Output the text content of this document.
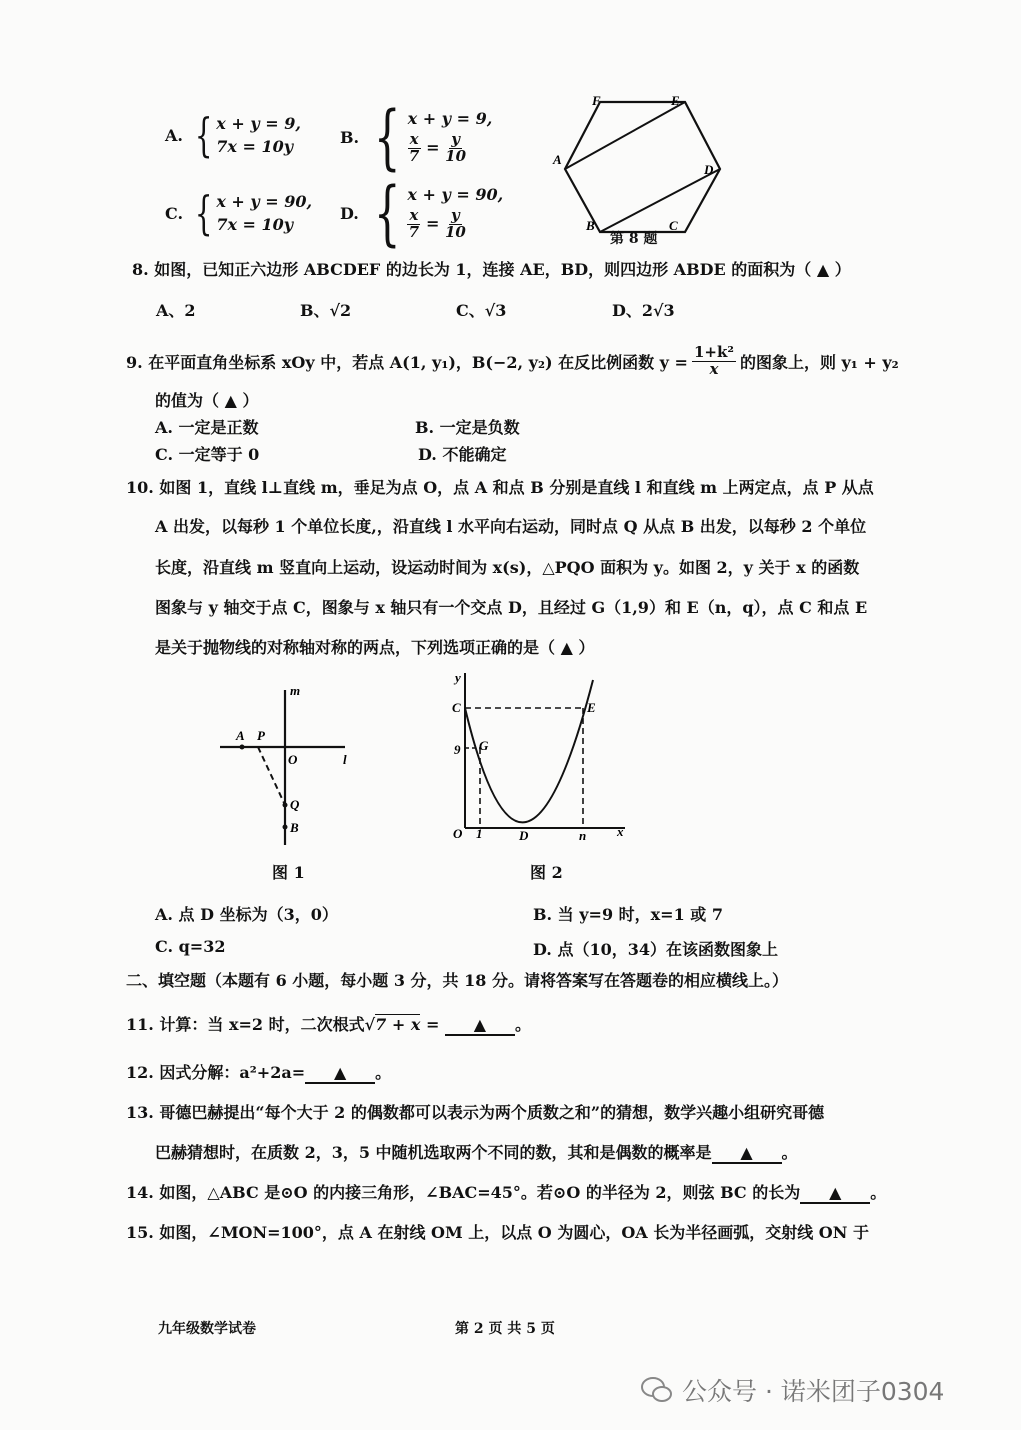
A. { x + y = 9,
7x = 10y	B. { x + y = 9,
$\frac{x}{7} = \frac{y}{10}$
C. { x + y = 90,
7x = 10y
D. { x + y = 90,
$\frac{x}{7} = \frac{y}{10}$
A
B	C
D
E
F
第 8 题
8. 如图，已知正六边形 ABCDEF 的边长为 1，连接 AE，BD，则四边形 ABDE 的面积为（ ▲ ）
A、2	B、√2	C、√3	D、2√3
9. 在平面直角坐标系 xOy 中，若点 A(1, y₁)，B(−2, y₂) 在反比例函数 $y = \frac{\text{1+k²}}{x}$ 的图象上，则 y₁ + y₂
的值为（ ▲ ）
A. 一定是正数	B. 一定是负数
C. 一定等于 0	D. 不能确定
10. 如图 1，直线 l⊥直线 m，垂足为点 O，点 A 和点 B 分别是直线 l 和直线 m 上两定点，点 P 从点
A 出发，以每秒 1 个单位长度,，沿直线 l 水平向右运动，同时点 Q 从点 B 出发，以每秒 2 个单位
长度，沿直线 m 竖直向上运动，设运动时间为 x(s)，△PQO 面积为 y。如图 2，y 关于 x 的函数
图象与 y 轴交于点 C，图象与 x 轴只有一个交点 D，且经过 G（1,9）和 E（n，q），点 C 和点 E
是关于抛物线的对称轴对称的两点，下列选项正确的是（ ▲ ）
m
l
A P
O
Q
B
图 1
y
x
C	E
G
9
O 1	D	n
图 2
A. 点 D 坐标为（3，0）	B. 当 y=9 时，x=1 或 7
C. q=32	D. 点（10，34）在该函数图象上
二、填空题（本题有 6 小题，每小题 3 分，共 18 分。请将答案写在答题卷的相应横线上。）
11. 计算：当 x=2 时，二次根式√7 + x = ▲ 。
12. 因式分解：a²+2a= ▲ 。
13. 哥德巴赫提出“每个大于 2 的偶数都可以表示为两个质数之和”的猜想，数学兴趣小组研究哥德
巴赫猜想时，在质数 2，3，5 中随机选取两个不同的数，其和是偶数的概率是 ▲ 。
14. 如图，△ABC 是⊙O 的内接三角形，∠BAC=45°。若⊙O 的半径为 2，则弦 BC 的长为 ▲ 。
15. 如图，∠MON=100°，点 A 在射线 OM 上，以点 O 为圆心，OA 长为半径画弧，交射线 ON 于
九年级数学试卷	第 2 页 共 5 页
公众号 · 诺米团子0304
